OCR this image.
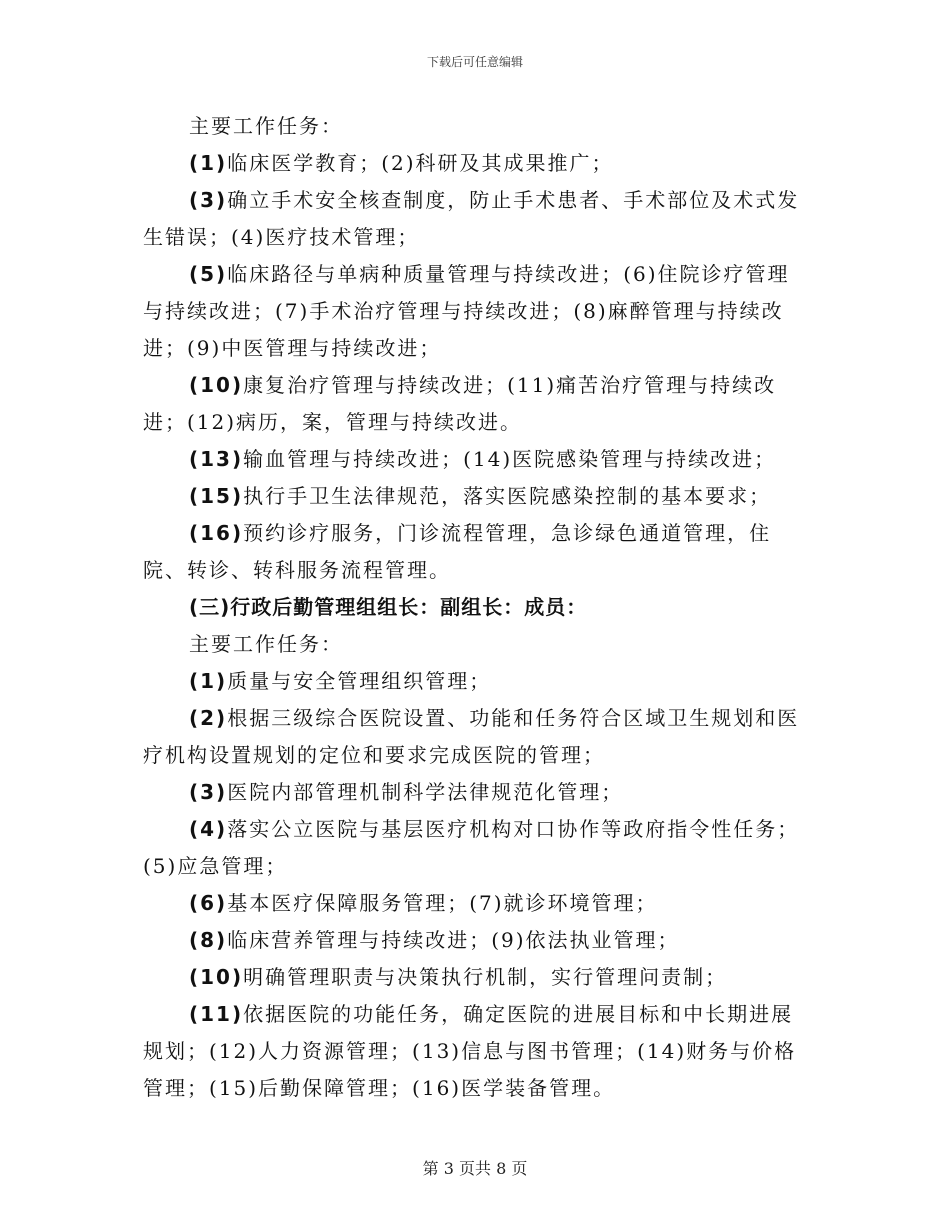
下载后可任意编辑

主要工作任务：

(1)临床医学教育；(2)科研及其成果推广；

(3)确立手术安全核查制度，防止手术患者、手术部位及术式发生错误；(4)医疗技术管理；

(5)临床路径与单病种质量管理与持续改进；(6)住院诊疗管理与持续改进；(7)手术治疗管理与持续改进；(8)麻醉管理与持续改进；(9)中医管理与持续改进；

(10)康复治疗管理与持续改进；(11)痛苦治疗管理与持续改进；(12)病历，案，管理与持续改进。

(13)输血管理与持续改进；(14)医院感染管理与持续改进；

(15)执行手卫生法律规范，落实医院感染控制的基本要求；

(16)预约诊疗服务，门诊流程管理，急诊绿色通道管理，住院、转诊、转科服务流程管理。

(三)行政后勤管理组组长：副组长：成员：

主要工作任务：

(1)质量与安全管理组织管理；

(2)根据三级综合医院设置、功能和任务符合区域卫生规划和医疗机构设置规划的定位和要求完成医院的管理；

(3)医院内部管理机制科学法律规范化管理；

(4)落实公立医院与基层医疗机构对口协作等政府指令性任务；(5)应急管理；

(6)基本医疗保障服务管理；(7)就诊环境管理；

(8)临床营养管理与持续改进；(9)依法执业管理；

(10)明确管理职责与决策执行机制，实行管理问责制；

(11)依据医院的功能任务，确定医院的进展目标和中长期进展规划；(12)人力资源管理；(13)信息与图书管理；(14)财务与价格管理；(15)后勤保障管理；(16)医学装备管理。

第 3 页共 8 页
